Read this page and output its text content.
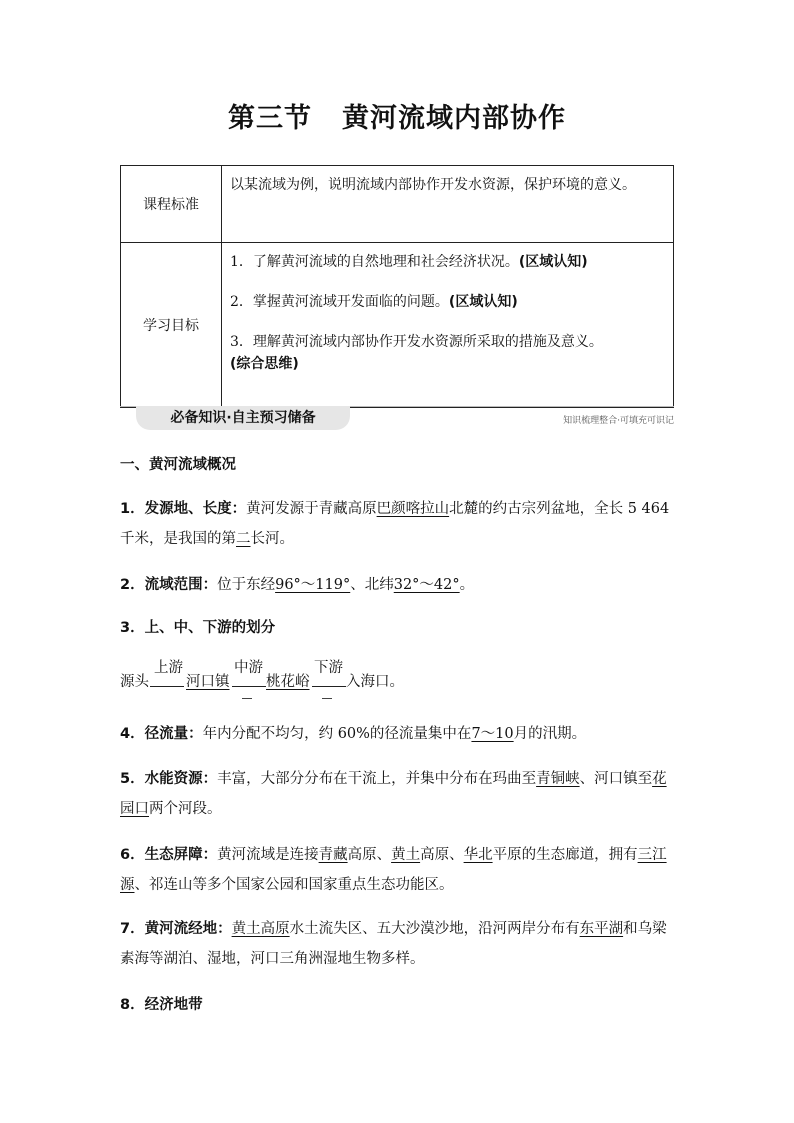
第三节 黄河流域内部协作
课程标准	以某流域为例，说明流域内部协作开发水资源，保护环境的意义。
学习目标	1．了解黄河流域的自然地理和社会经济状况。(区域认知)
2．掌握黄河流域开发面临的问题。(区域认知)
3．理解黄河流域内部协作开发水资源所采取的措施及意义。
(综合思维)
必备知识·自主预习储备	知识梳理整合·可填充可识记
一、黄河流域概况
1．发源地、长度：黄河发源于青藏高原巴颜喀拉山北麓的约古宗列盆地，全长 5 464 千米，是我国的第二长河。
2．流域范围：位于东经96°～119°、北纬32°～42°。
3．上、中、下游的划分
源头
上游
河口镇
中游
桃花峪
下游
入海口。
4．径流量：年内分配不均匀，约 60%的径流量集中在7～10月的汛期。
5．水能资源：丰富，大部分分布在干流上，并集中分布在玛曲至青铜峡、河口镇至花园口两个河段。
6．生态屏障：黄河流域是连接青藏高原、黄土高原、华北平原的生态廊道，拥有三江源、祁连山等多个国家公园和国家重点生态功能区。
7．黄河流经地：黄土高原水土流失区、五大沙漠沙地，沿河两岸分布有东平湖和乌梁素海等湖泊、湿地，河口三角洲湿地生物多样。
8．经济地带
